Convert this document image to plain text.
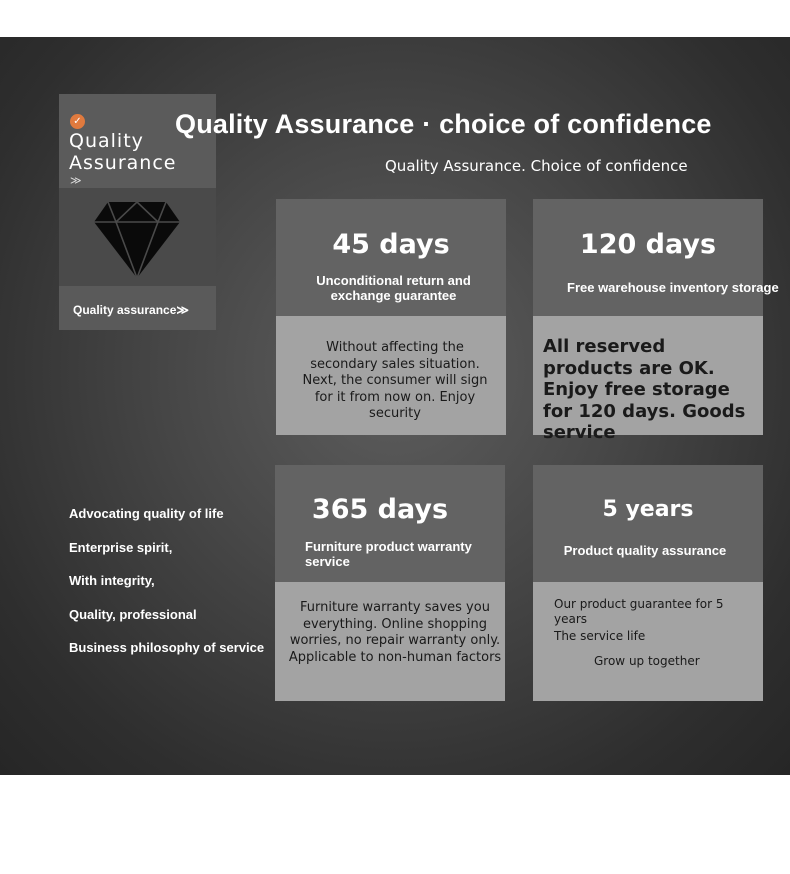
✓
Quality Assurance
≫
Quality assurance≫
Quality Assurance · choice of confidence
Quality Assurance. Choice of confidence
45 days
Unconditional return and exchange guarantee
Without affecting the secondary sales situation. Next, the consumer will sign for it from now on. Enjoy security
120 days
Free warehouse inventory storage
All reserved products are OK. Enjoy free storage for 120 days. Goods service
365 days
Furniture product warranty service
Furniture warranty saves you everything. Online shopping worries, no repair warranty only. Applicable to non-human factors
5 years
Product quality assurance
Our product guarantee for 5 years
The service life
Grow up together
Advocating quality of life
Enterprise spirit,
With integrity,
Quality, professional
Business philosophy of service
